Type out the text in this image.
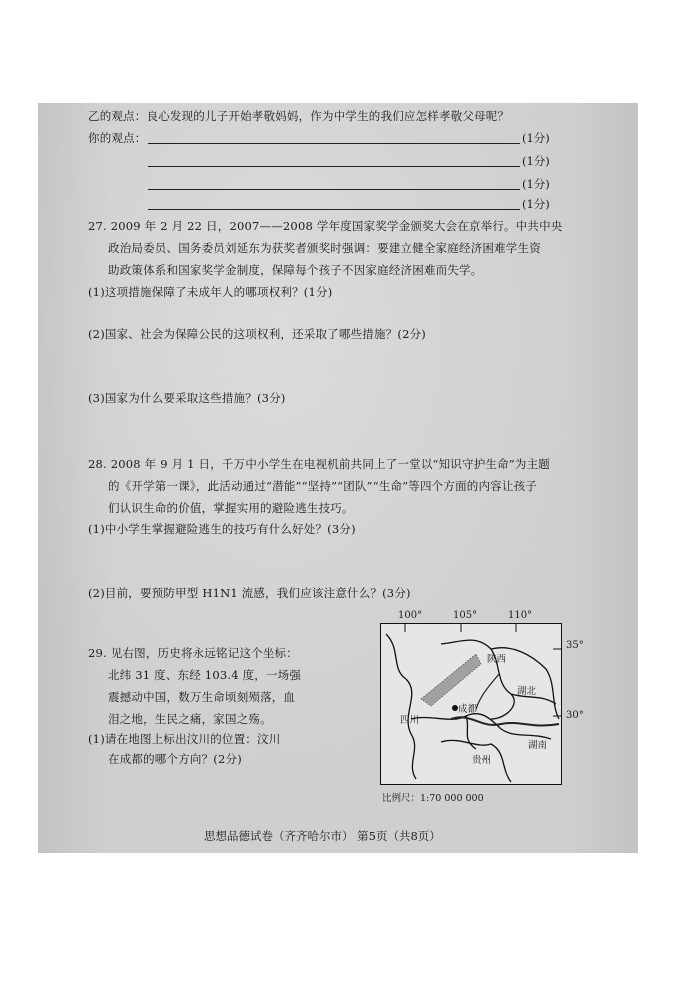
乙的观点：良心发现的儿子开始孝敬妈妈，作为中学生的我们应怎样孝敬父母呢？
你的观点：	(1分)
(1分)
(1分)
(1分)
27. 2009 年 2 月 22 日，2007——2008 学年度国家奖学金颁奖大会在京举行。中共中央
政治局委员、国务委员刘延东为获奖者颁奖时强调：要建立健全家庭经济困难学生资
助政策体系和国家奖学金制度，保障每个孩子不因家庭经济困难而失学。
(1)这项措施保障了未成年人的哪项权利？(1分)
(2)国家、社会为保障公民的这项权利，还采取了哪些措施？(2分)
(3)国家为什么要采取这些措施？(3分)
28. 2008 年 9 月 1 日，千万中小学生在电视机前共同上了一堂以“知识守护生命”为主题
的《开学第一课》，此活动通过“潜能”“坚持”“团队”“生命”等四个方面的内容让孩子
们认识生命的价值，掌握实用的避险逃生技巧。
(1)中小学生掌握避险逃生的技巧有什么好处？(3分)
(2)目前，要预防甲型 H1N1 流感，我们应该注意什么？(3分)
29. 见右图，历史将永远铭记这个坐标：
北纬 31 度、东经 103.4 度，一场强
震撼动中国，数万生命顷刻殒落，血
泪之地，生民之痛，家国之殇。
(1)请在地图上标出汶川的位置：汶川
在成都的哪个方向？(2分)
100°	105°	110°
35°
30°
陕西
湖北
四川
成都
湖南
贵州
比例尺：1:70 000 000
思想品德试卷（齐齐哈尔市） 第5页（共8页）
